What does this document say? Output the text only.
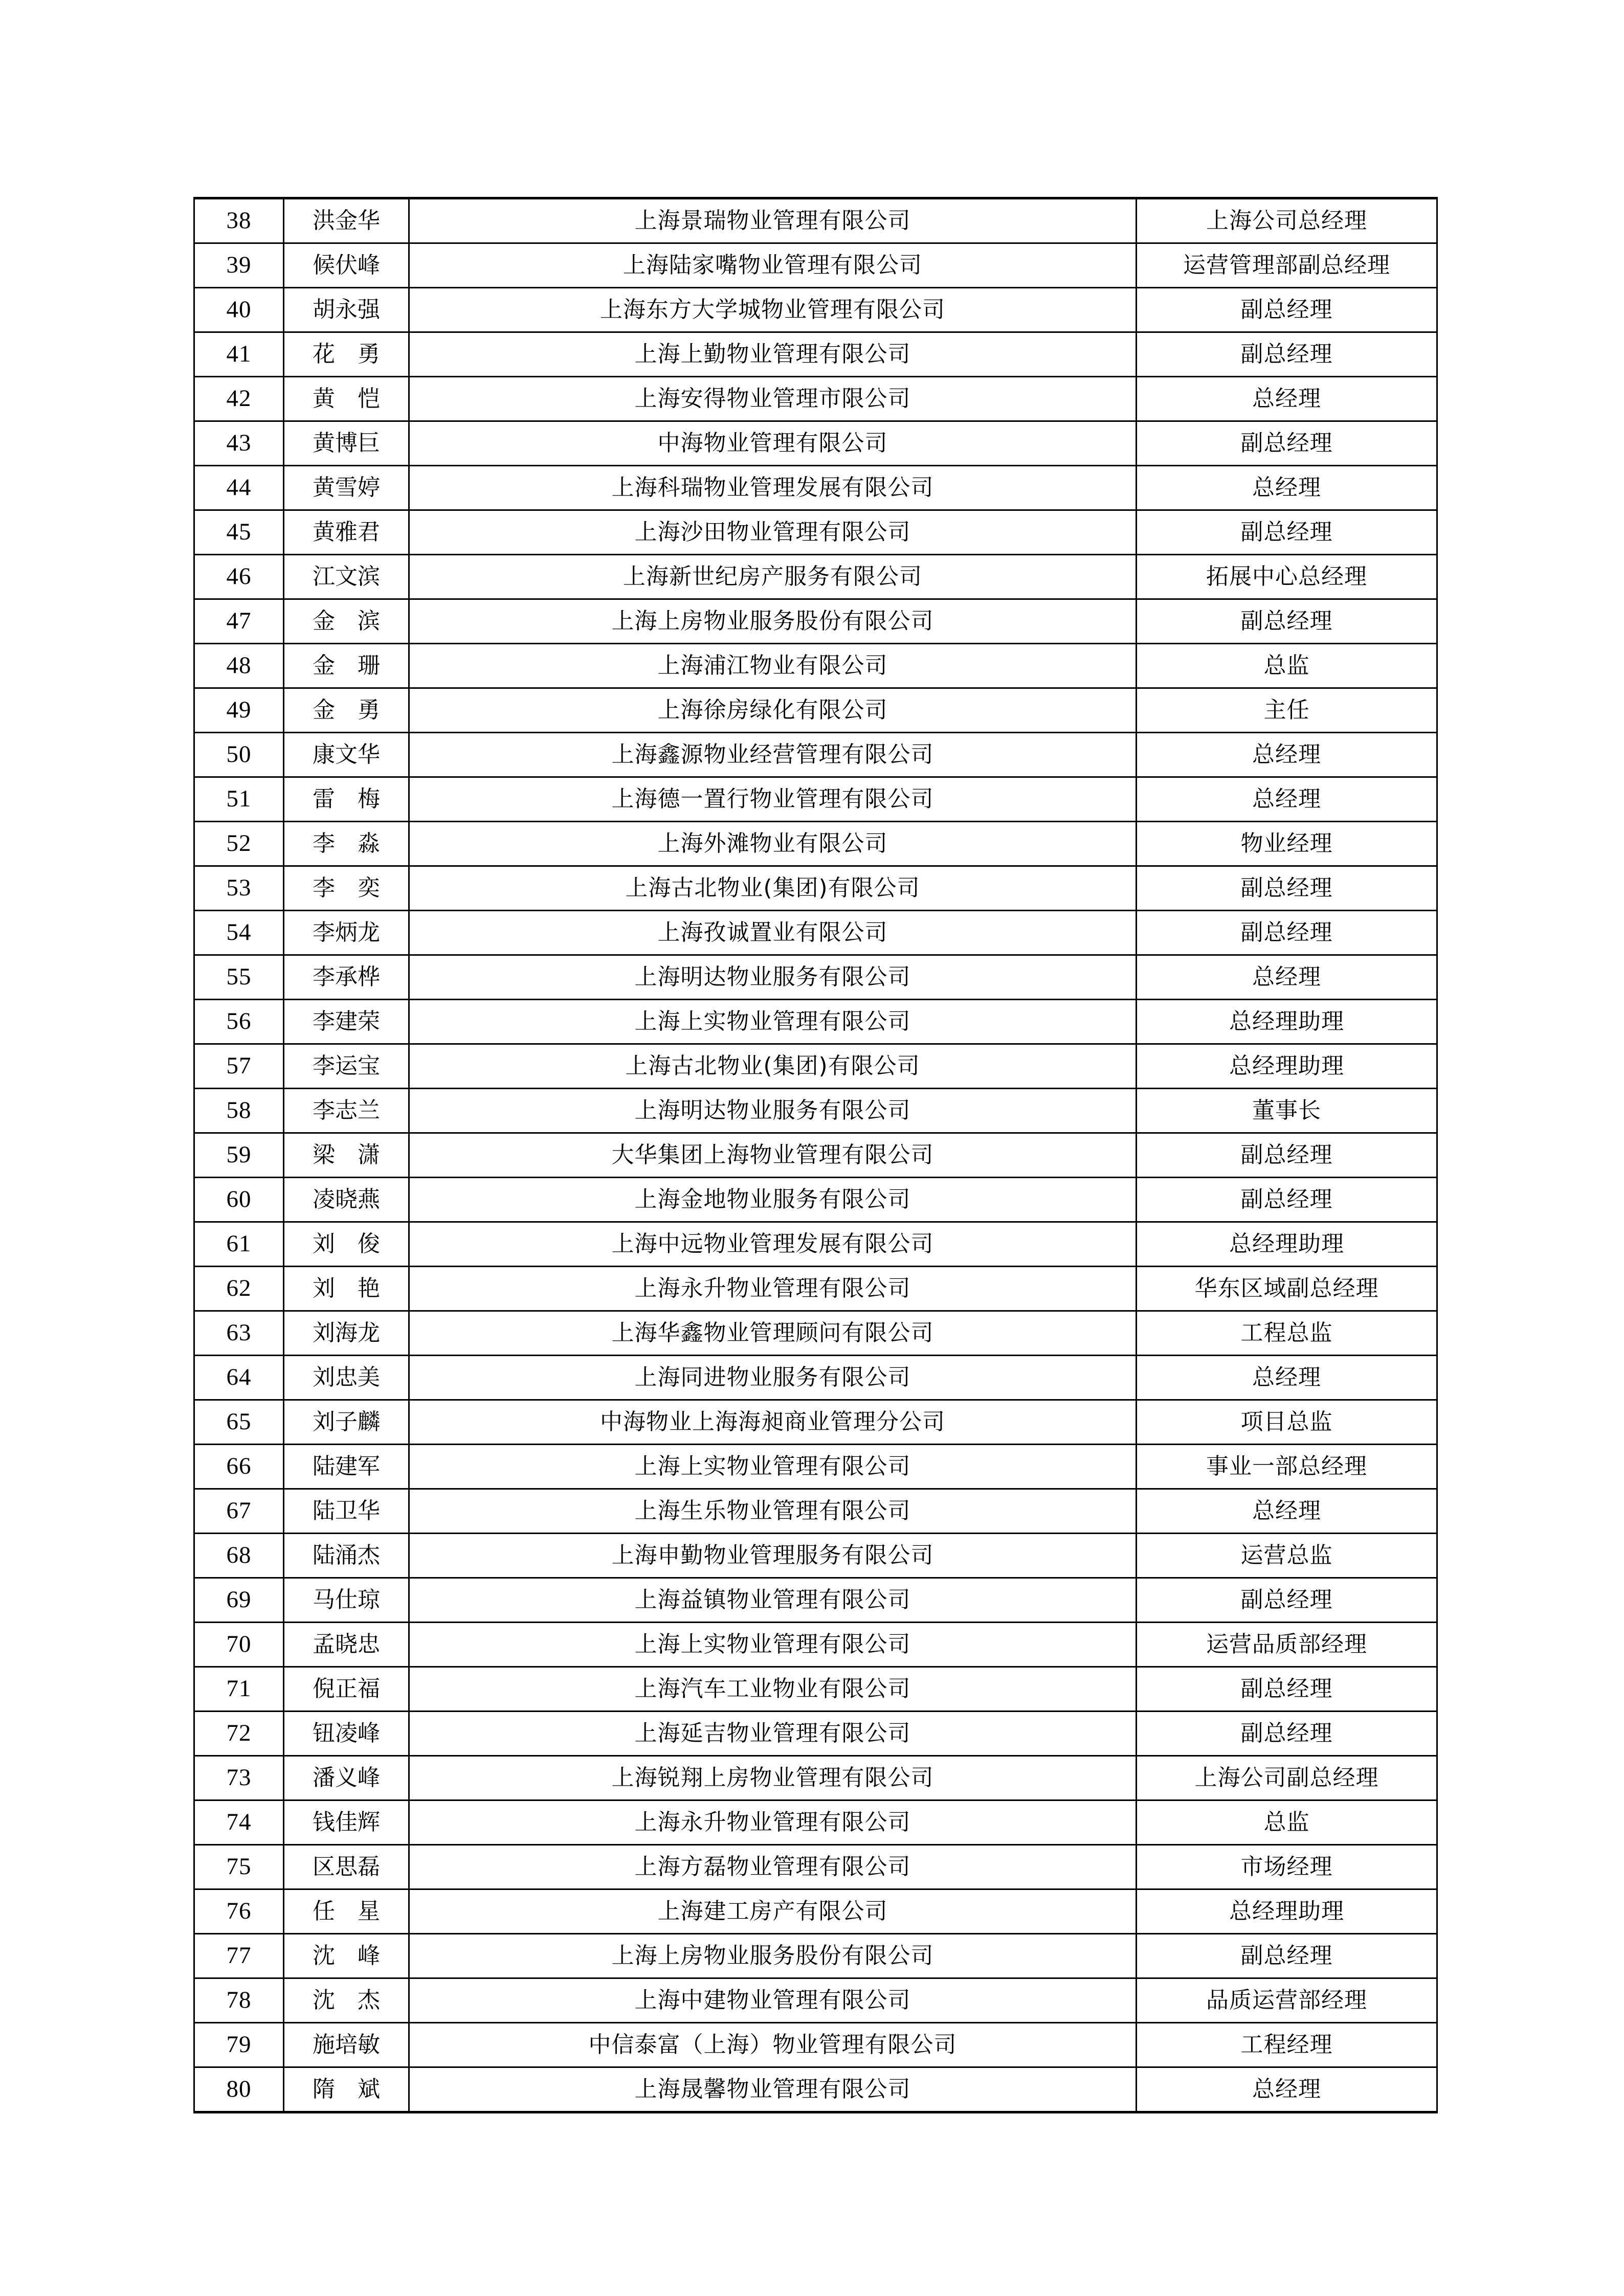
38	洪金华	上海景瑞物业管理有限公司	上海公司总经理
39	候伏峰	上海陆家嘴物业管理有限公司	运营管理部副总经理
40	胡永强	上海东方大学城物业管理有限公司	副总经理
41	花 勇	上海上勤物业管理有限公司	副总经理
42	黄 恺	上海安得物业管理市限公司	总经理
43	黄博巨	中海物业管理有限公司	副总经理
44	黄雪婷	上海科瑞物业管理发展有限公司	总经理
45	黄雅君	上海沙田物业管理有限公司	副总经理
46	江文滨	上海新世纪房产服务有限公司	拓展中心总经理
47	金 滨	上海上房物业服务股份有限公司	副总经理
48	金 珊	上海浦江物业有限公司	总监
49	金 勇	上海徐房绿化有限公司	主任
50	康文华	上海鑫源物业经营管理有限公司	总经理
51	雷 梅	上海德一置行物业管理有限公司	总经理
52	李 淼	上海外滩物业有限公司	物业经理
53	李 奕	上海古北物业(集团)有限公司	副总经理
54	李炳龙	上海孜诚置业有限公司	副总经理
55	李承桦	上海明达物业服务有限公司	总经理
56	李建荣	上海上实物业管理有限公司	总经理助理
57	李运宝	上海古北物业(集团)有限公司	总经理助理
58	李志兰	上海明达物业服务有限公司	董事长
59	梁 潇	大华集团上海物业管理有限公司	副总经理
60	凌晓燕	上海金地物业服务有限公司	副总经理
61	刘 俊	上海中远物业管理发展有限公司	总经理助理
62	刘 艳	上海永升物业管理有限公司	华东区域副总经理
63	刘海龙	上海华鑫物业管理顾问有限公司	工程总监
64	刘忠美	上海同进物业服务有限公司	总经理
65	刘子麟	中海物业上海海昶商业管理分公司	项目总监
66	陆建军	上海上实物业管理有限公司	事业一部总经理
67	陆卫华	上海生乐物业管理有限公司	总经理
68	陆涌杰	上海申勤物业管理服务有限公司	运营总监
69	马仕琼	上海益镇物业管理有限公司	副总经理
70	孟晓忠	上海上实物业管理有限公司	运营品质部经理
71	倪正福	上海汽车工业物业有限公司	副总经理
72	钮凌峰	上海延吉物业管理有限公司	副总经理
73	潘义峰	上海锐翔上房物业管理有限公司	上海公司副总经理
74	钱佳辉	上海永升物业管理有限公司	总监
75	区思磊	上海方磊物业管理有限公司	市场经理
76	任 星	上海建工房产有限公司	总经理助理
77	沈 峰	上海上房物业服务股份有限公司	副总经理
78	沈 杰	上海中建物业管理有限公司	品质运营部经理
79	施培敏	中信泰富（上海）物业管理有限公司	工程经理
80	隋 斌	上海晟馨物业管理有限公司	总经理
